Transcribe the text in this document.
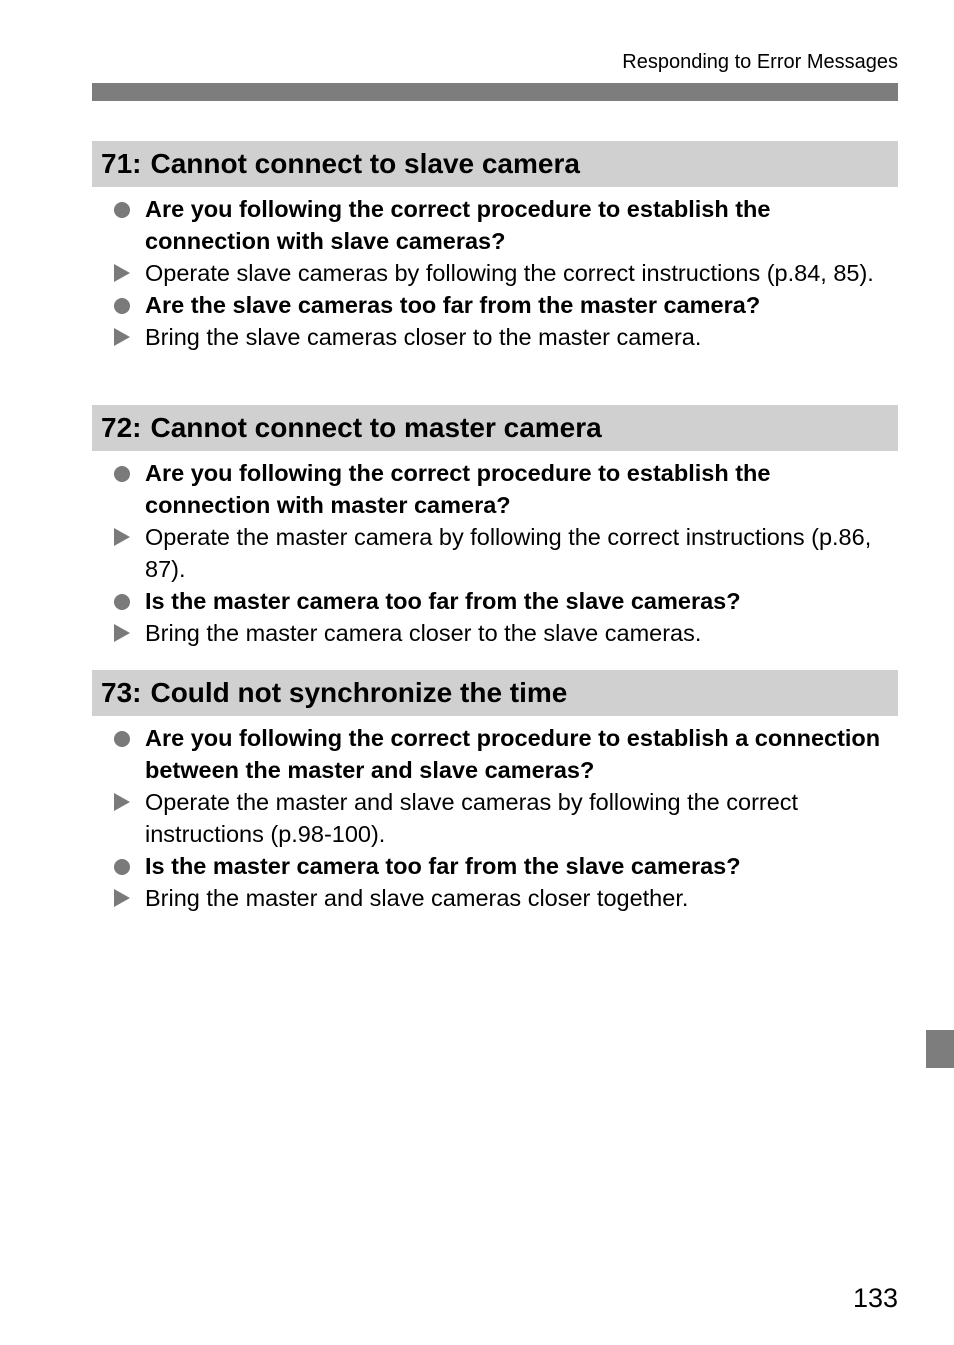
Responding to Error Messages
71: Cannot connect to slave camera
Are you following the correct procedure to establish the connection with slave cameras?
Operate slave cameras by following the correct instructions (p.84, 85).
Are the slave cameras too far from the master camera?
Bring the slave cameras closer to the master camera.
72: Cannot connect to master camera
Are you following the correct procedure to establish the connection with master camera?
Operate the master camera by following the correct instructions (p.86, 87).
Is the master camera too far from the slave cameras?
Bring the master camera closer to the slave cameras.
73: Could not synchronize the time
Are you following the correct procedure to establish a connection between the master and slave cameras?
Operate the master and slave cameras by following the correct instructions (p.98-100).
Is the master camera too far from the slave cameras?
Bring the master and slave cameras closer together.
133
